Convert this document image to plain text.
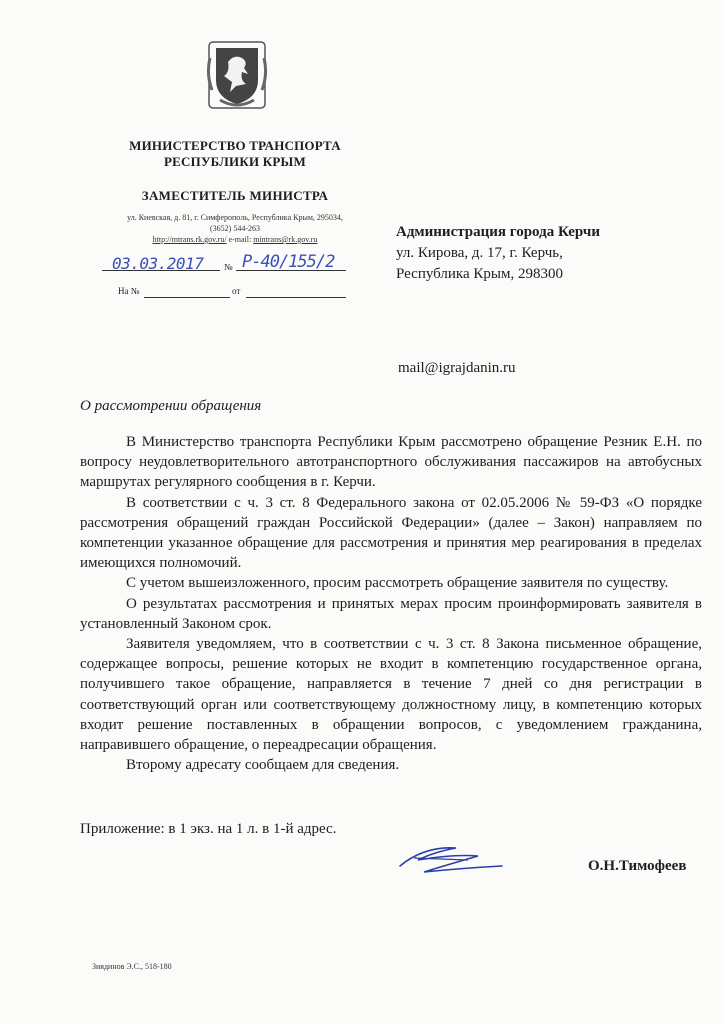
МИНИСТЕРСТВО ТРАНСПОРТА
РЕСПУБЛИКИ КРЫМ
ЗАМЕСТИТЕЛЬ МИНИСТРА
ул. Киевская, д. 81, г. Симферополь, Республика Крым, 295034,
(3652) 544-263
http://mtrans.rk.gov.ru/ e-mail: mintrans@rk.gov.ru
03.03.2017 № Р-40/155/2
На №	от
Администрация города Керчи
ул. Кирова, д. 17, г. Керчь,
Республика Крым, 298300
mail@igrajdanin.ru
О рассмотрении обращения

В Министерство транспорта Республики Крым рассмотрено обращение Резник Е.Н. по вопросу неудовлетворительного автотранспортного обслуживания пассажиров на автобусных маршрутах регулярного сообщения в г. Керчи.

В соответствии с ч. 3 ст. 8 Федерального закона от 02.05.2006 № 59-ФЗ «О порядке рассмотрения обращений граждан Российской Федерации» (далее – Закон) направляем по компетенции указанное обращение для рассмотрения и принятия мер реагирования в пределах имеющихся полномочий.

С учетом вышеизложенного, просим рассмотреть обращение заявителя по существу.

О результатах рассмотрения и принятых мерах просим проинформировать заявителя в установленный Законом срок.

Заявителя уведомляем, что в соответствии с ч. 3 ст. 8 Закона письменное обращение, содержащее вопросы, решение которых не входит в компетенцию государственное органа, получившего такое обращение, направляется в течение 7 дней со дня регистрации в соответствующий орган или соответствующему должностному лицу, в компетенцию которых входит решение поставленных в обращении вопросов, с уведомлением гражданина, направившего обращение, о переадресации обращения.

Второму адресату сообщаем для сведения.

Приложение: в 1 экз. на 1 л. в 1-й адрес.
О.Н.Тимофеев
Зиядинов Э.С., 518-180
